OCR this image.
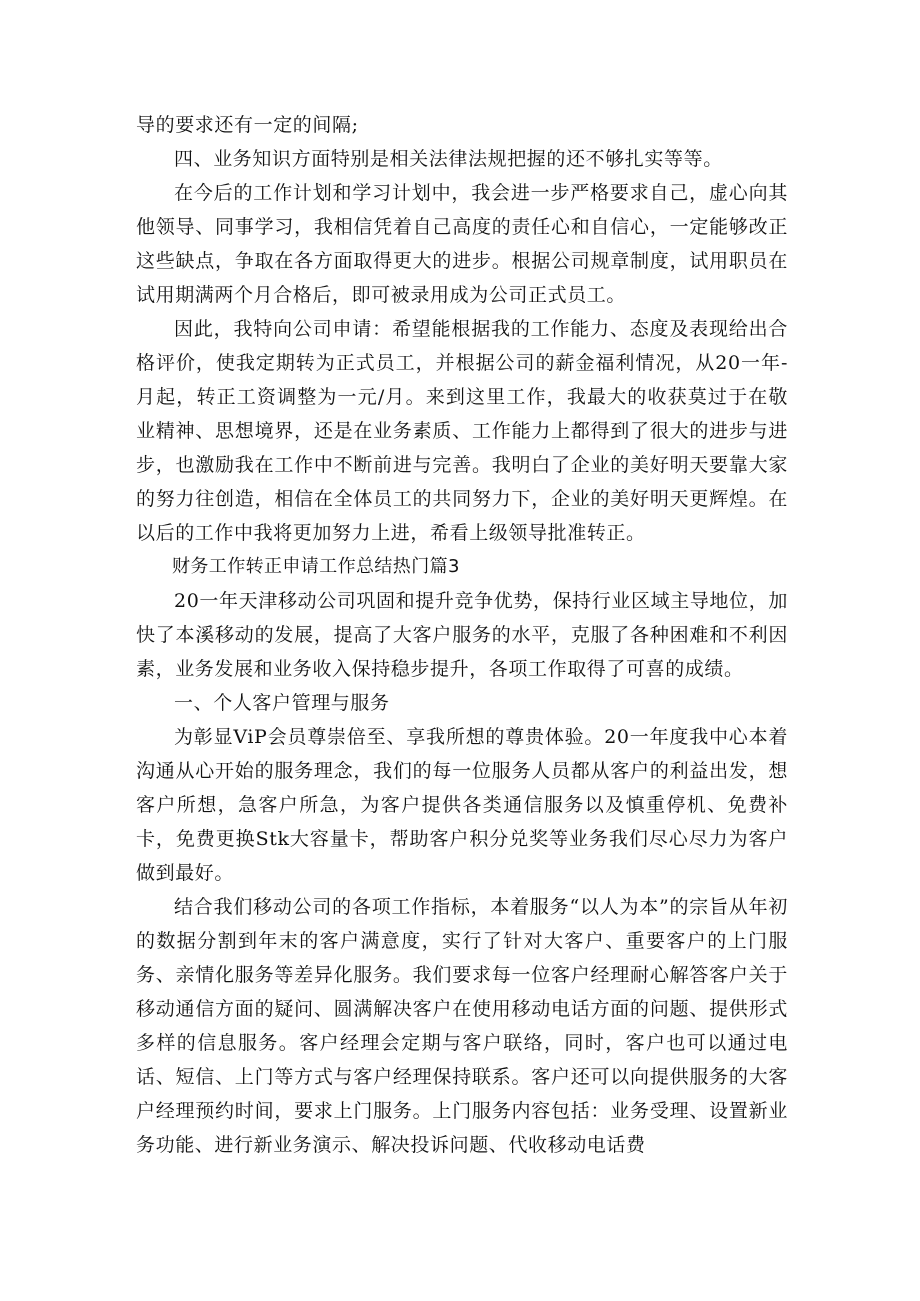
导的要求还有一定的间隔;

四、业务知识方面特别是相关法律法规把握的还不够扎实等等。

在今后的工作计划和学习计划中，我会进一步严格要求自己，虚心向其他领导、同事学习，我相信凭着自己高度的责任心和自信心，一定能够改正这些缺点，争取在各方面取得更大的进步。根据公司规章制度，试用职员在试用期满两个月合格后，即可被录用成为公司正式员工。

因此，我特向公司申请：希望能根据我的工作能力、态度及表现给出合格评价，使我定期转为正式员工，并根据公司的薪金福利情况，从20一年-月起，转正工资调整为一元/月。来到这里工作，我最大的收获莫过于在敬业精神、思想境界，还是在业务素质、工作能力上都得到了很大的进步与进步，也激励我在工作中不断前进与完善。我明白了企业的美好明天要靠大家的努力往创造，相信在全体员工的共同努力下，企业的美好明天更辉煌。在以后的工作中我将更加努力上进，希看上级领导批准转正。

财务工作转正申请工作总结热门篇3

20一年天津移动公司巩固和提升竞争优势，保持行业区域主导地位，加快了本溪移动的发展，提高了大客户服务的水平，克服了各种困难和不利因素，业务发展和业务收入保持稳步提升，各项工作取得了可喜的成绩。

一、个人客户管理与服务

为彰显ViP会员尊崇倍至、享我所想的尊贵体验。20一年度我中心本着沟通从心开始的服务理念，我们的每一位服务人员都从客户的利益出发，想客户所想，急客户所急，为客户提供各类通信服务以及慎重停机、免费补卡，免费更换Stk大容量卡，帮助客户积分兑奖等业务我们尽心尽力为客户做到最好。

结合我们移动公司的各项工作指标，本着服务“以人为本”的宗旨从年初的数据分割到年末的客户满意度，实行了针对大客户、重要客户的上门服务、亲情化服务等差异化服务。我们要求每一位客户经理耐心解答客户关于移动通信方面的疑问、圆满解决客户在使用移动电话方面的问题、提供形式多样的信息服务。客户经理会定期与客户联络，同时，客户也可以通过电话、短信、上门等方式与客户经理保持联系。客户还可以向提供服务的大客户经理预约时间，要求上门服务。上门服务内容包括：业务受理、设置新业务功能、进行新业务演示、解决投诉问题、代收移动电话费
